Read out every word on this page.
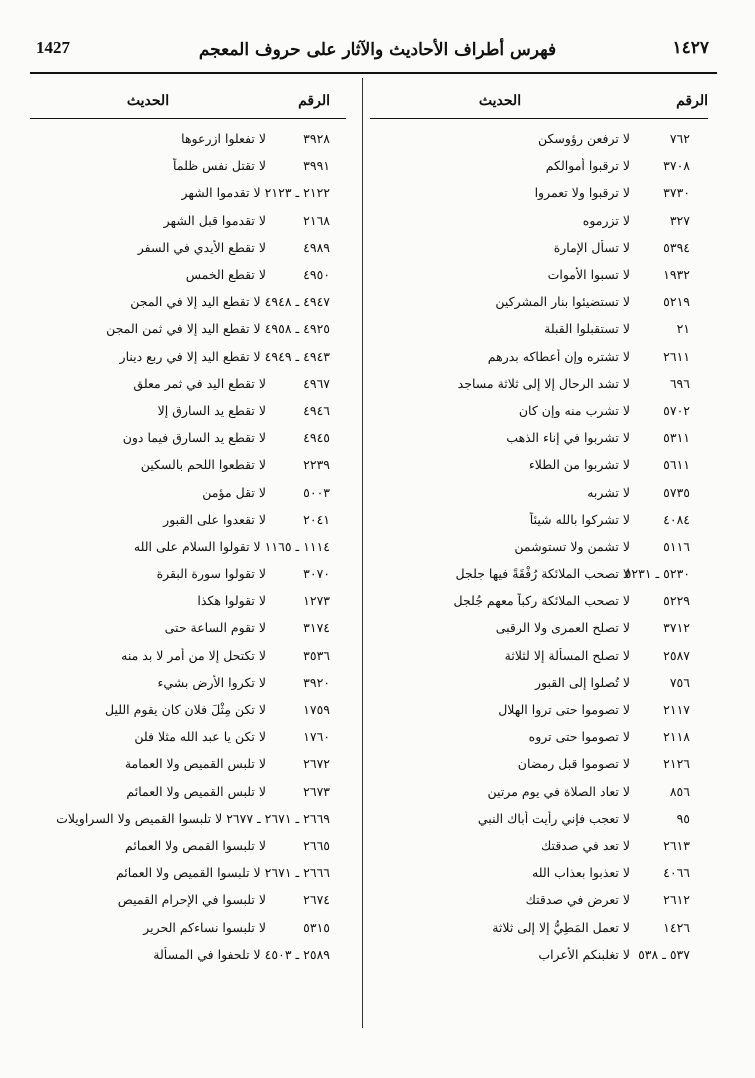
1427	فهرس أطراف الأحاديث والآثار على حروف المعجم	١٤٢٧
الرقم
الحديث
٧٦٢
لا ترفعن رؤوسكن
٣٧٠٨
لا ترقبوا أموالكم
٣٧٣٠
لا ترقبوا ولا تعمروا
٣٢٧
لا تزرموه
٥٣٩٤
لا تسأل الإمارة
١٩٣٢
لا تسبوا الأموات
٥٢١٩
لا تستضيئوا بنار المشركين
٢١
لا تستقبلوا القبلة
٢٦١١
لا تشتره وإن أعطاكه بدرهم
٦٩٦
لا تشد الرحال إلا إلى ثلاثة مساجد
٥٧٠٢
لا تشرب منه وإن كان
٥٣١١
لا تشربوا في إناء الذهب
٥٦١١
لا تشربوا من الطلاء
٥٧٣٥
لا تشربه
٤٠٨٤
لا تشركوا بالله شيئاً
٥١١٦
لا تشمن ولا تستوشمن
٥٢٣٠ ـ ٥٢٣١
لا تصحب الملائكة رُفْقَةً فيها جلجل
٥٢٢٩
لا تصحب الملائكة ركباً معهم جُلجل
٣٧١٢
لا تصلح العمرى ولا الرقبى
٢٥٨٧
لا تصلح المسألة إلا لثلاثة
٧٥٦
لا تُصلوا إلى القبور
٢١١٧
لا تصوموا حتى تروا الهلال
٢١١٨
لا تصوموا حتى تروه
٢١٢٦
لا تصوموا قبل رمضان
٨٥٦
لا تعاد الصلاة في يوم مرتين
٩٥
لا تعجب فإني رأيت أباك النبي
٢٦١٣
لا تعد في صدقتك
٤٠٦٦
لا تعذبوا بعذاب الله
٢٦١٢
لا تعرض في صدقتك
١٤٢٦
لا تعمل المَطِيُّ إلا إلى ثلاثة
٥٣٧ ـ ٥٣٨
لا تغلبنكم الأعراب
الرقم
الحديث
٣٩٢٨
لا تفعلوا ازرعوها
٣٩٩١
لا تقتل نفس ظلماً
٢١٢٢ ـ ٢١٢٣
لا تقدموا الشهر
٢١٦٨
لا تقدموا قبل الشهر
٤٩٨٩
لا تقطع الأيدي في السفر
٤٩٥٠
لا تقطع الخمس
٤٩٤٧ ـ ٤٩٤٨
لا تقطع اليد إلا في المجن
٤٩٢٥ ـ ٤٩٥٨
لا تقطع اليد إلا في ثمن المجن
٤٩٤٣ ـ ٤٩٤٩
لا تقطع اليد إلا في ربع دينار
٤٩٦٧
لا تقطع اليد في ثمر معلق
٤٩٤٦
لا تقطع يد السارق إلا
٤٩٤٥
لا تقطع يد السارق فيما دون
٢٢٣٩
لا تقطعوا اللحم بالسكين
٥٠٠٣
لا تقل مؤمن
٢٠٤١
لا تقعدوا على القبور
١١١٤ ـ ١١٦٥
لا تقولوا السلام على الله
٣٠٧٠
لا تقولوا سورة البقرة
١٢٧٣
لا تقولوا هكذا
٣١٧٤
لا تقوم الساعة حتى
٣٥٣٦
لا تكتحل إلا من أمر لا بد منه
٣٩٢٠
لا تكروا الأرض بشيء
١٧٥٩
لا تكن مِثْلَ فلان كان يقوم الليل
١٧٦٠
لا تكن يا عبد الله مثلا فلن
٢٦٧٢
لا تلبس القميص ولا العمامة
٢٦٧٣
لا تلبس القميص ولا العمائم
٢٦٦٩ ـ ٢٦٧١ ـ ٢٦٧٧
لا تلبسوا القميص ولا السراويلات
٢٦٦٥
لا تلبسوا القمص ولا العمائم
٢٦٦٦ ـ ٢٦٧١
لا تلبسوا القميص ولا العمائم
٢٦٧٤
لا تلبسوا في الإحرام القميص
٥٣١٥
لا تلبسوا نساءكم الحرير
٢٥٨٩ ـ ٤٥٠٣
لا تلحفوا في المسألة
